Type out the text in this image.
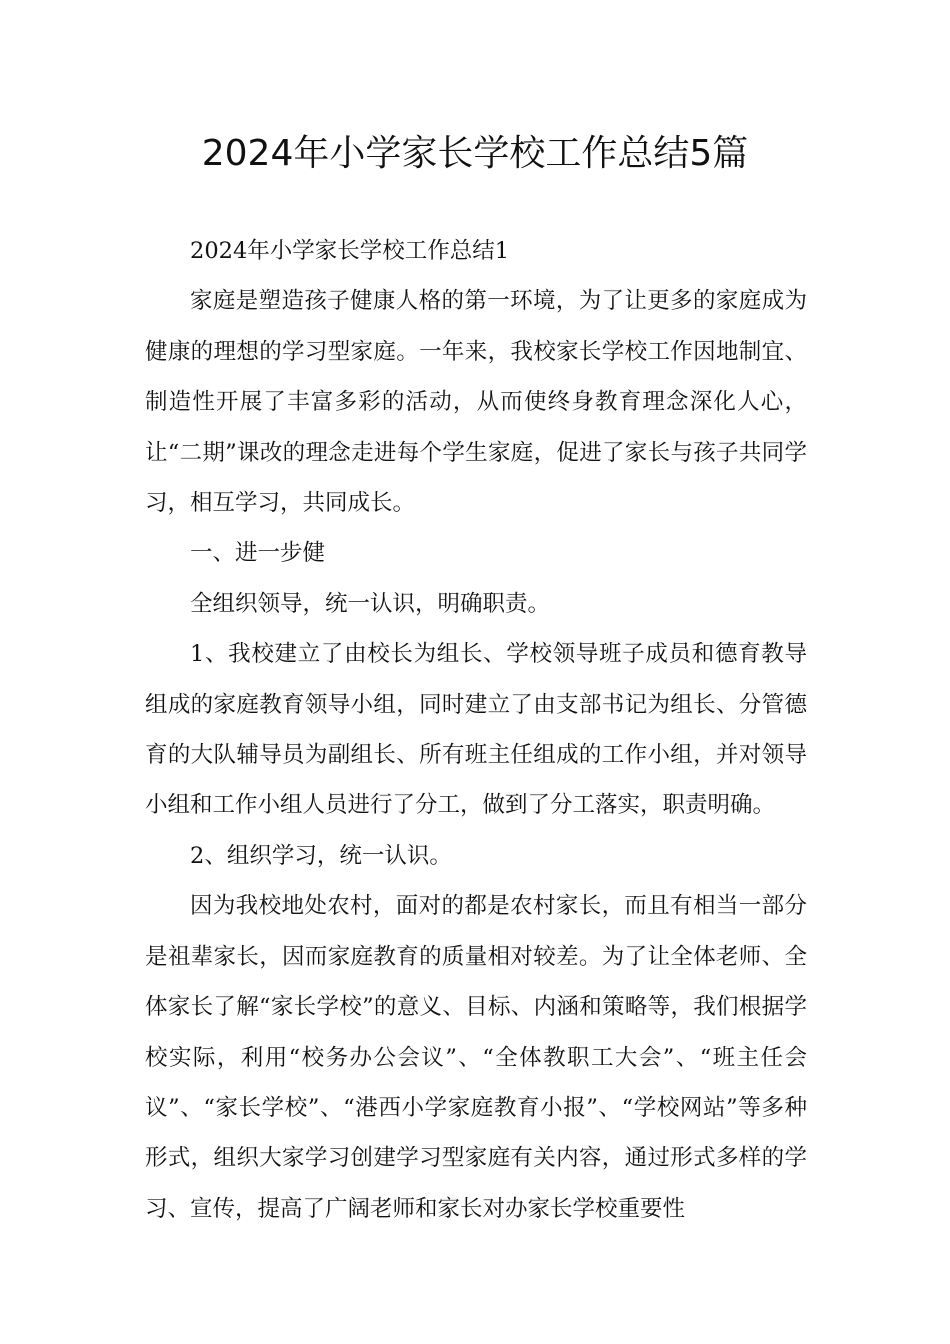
2024年小学家长学校工作总结5篇

2024年小学家长学校工作总结1

家庭是塑造孩子健康人格的第一环境，为了让更多的家庭成为健康的理想的学习型家庭。一年来，我校家长学校工作因地制宜、制造性开展了丰富多彩的活动，从而使终身教育理念深化人心，让“二期”课改的理念走进每个学生家庭，促进了家长与孩子共同学习，相互学习，共同成长。

一、进一步健

全组织领导，统一认识，明确职责。

1、我校建立了由校长为组长、学校领导班子成员和德育教导组成的家庭教育领导小组，同时建立了由支部书记为组长、分管德育的大队辅导员为副组长、所有班主任组成的工作小组，并对领导小组和工作小组人员进行了分工，做到了分工落实，职责明确。

2、组织学习，统一认识。

因为我校地处农村，面对的都是农村家长，而且有相当一部分是祖辈家长，因而家庭教育的质量相对较差。为了让全体老师、全体家长了解“家长学校”的意义、目标、内涵和策略等，我们根据学校实际，利用“校务办公会议”、“全体教职工大会”、“班主任会议”、“家长学校”、“港西小学家庭教育小报”、“学校网站”等多种形式，组织大家学习创建学习型家庭有关内容，通过形式多样的学习、宣传，提高了广阔老师和家长对办家长学校重要性
